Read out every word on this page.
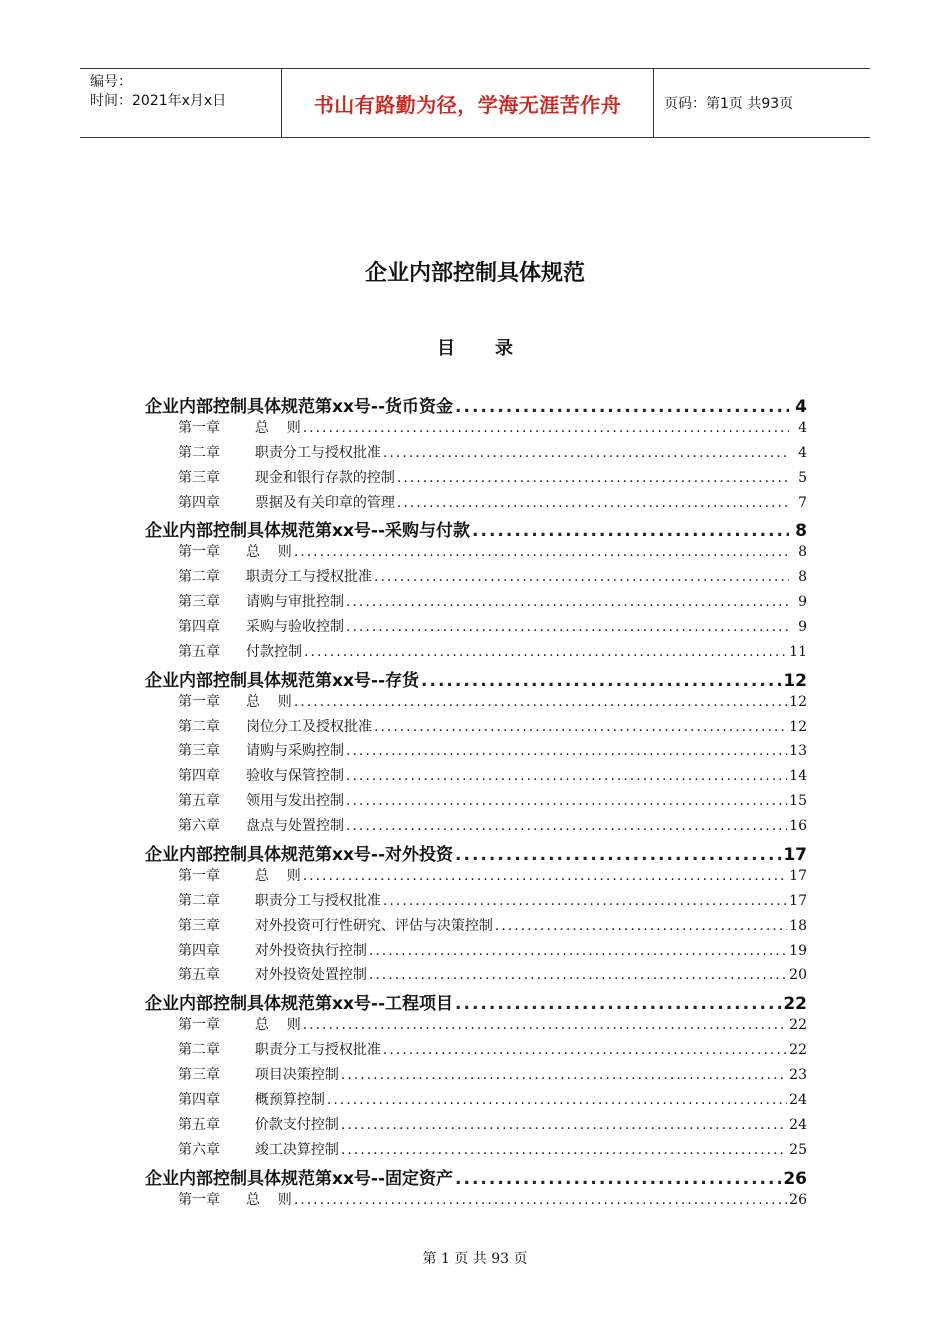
编号：
时间：2021年x月x日	书山有路勤为径，学海无涯苦作舟	页码：第1页 共93页
企业内部控制具体规范
目 录
企业内部控制具体规范第xx号--货币资金 .....	4
第一章  总    则 .....	4
第二章  职责分工与授权批准 .....	4
第三章  现金和银行存款的控制 .....	5
第四章  票据及有关印章的管理 .....	7
企业内部控制具体规范第xx号--采购与付款 .....	8
第一章 总    则 .....	8
第二章 职责分工与授权批准 .....	8
第三章 请购与审批控制 .....	9
第四章 采购与验收控制 .....	9
第五章 付款控制 .....	11
企业内部控制具体规范第xx号--存货 .....	12
第一章 总    则 .....	12
第二章 岗位分工及授权批准 .....	12
第三章 请购与采购控制 .....	13
第四章 验收与保管控制 .....	14
第五章 领用与发出控制 .....	15
第六章 盘点与处置控制 .....	16
企业内部控制具体规范第xx号--对外投资 .....	17
第一章  总    则 .....	17
第二章  职责分工与授权批准 .....	17
第三章  对外投资可行性研究、评估与决策控制 .....	18
第四章  对外投资执行控制 .....	19
第五章  对外投资处置控制 .....	20
企业内部控制具体规范第xx号--工程项目 .....	22
第一章  总    则 .....	22
第二章  职责分工与授权批准 .....	22
第三章  项目决策控制 .....	23
第四章  概预算控制 .....	24
第五章  价款支付控制 .....	24
第六章  竣工决算控制 .....	25
企业内部控制具体规范第xx号--固定资产 .....	26
第一章 总    则 .....	26
第 1 页 共 93 页
